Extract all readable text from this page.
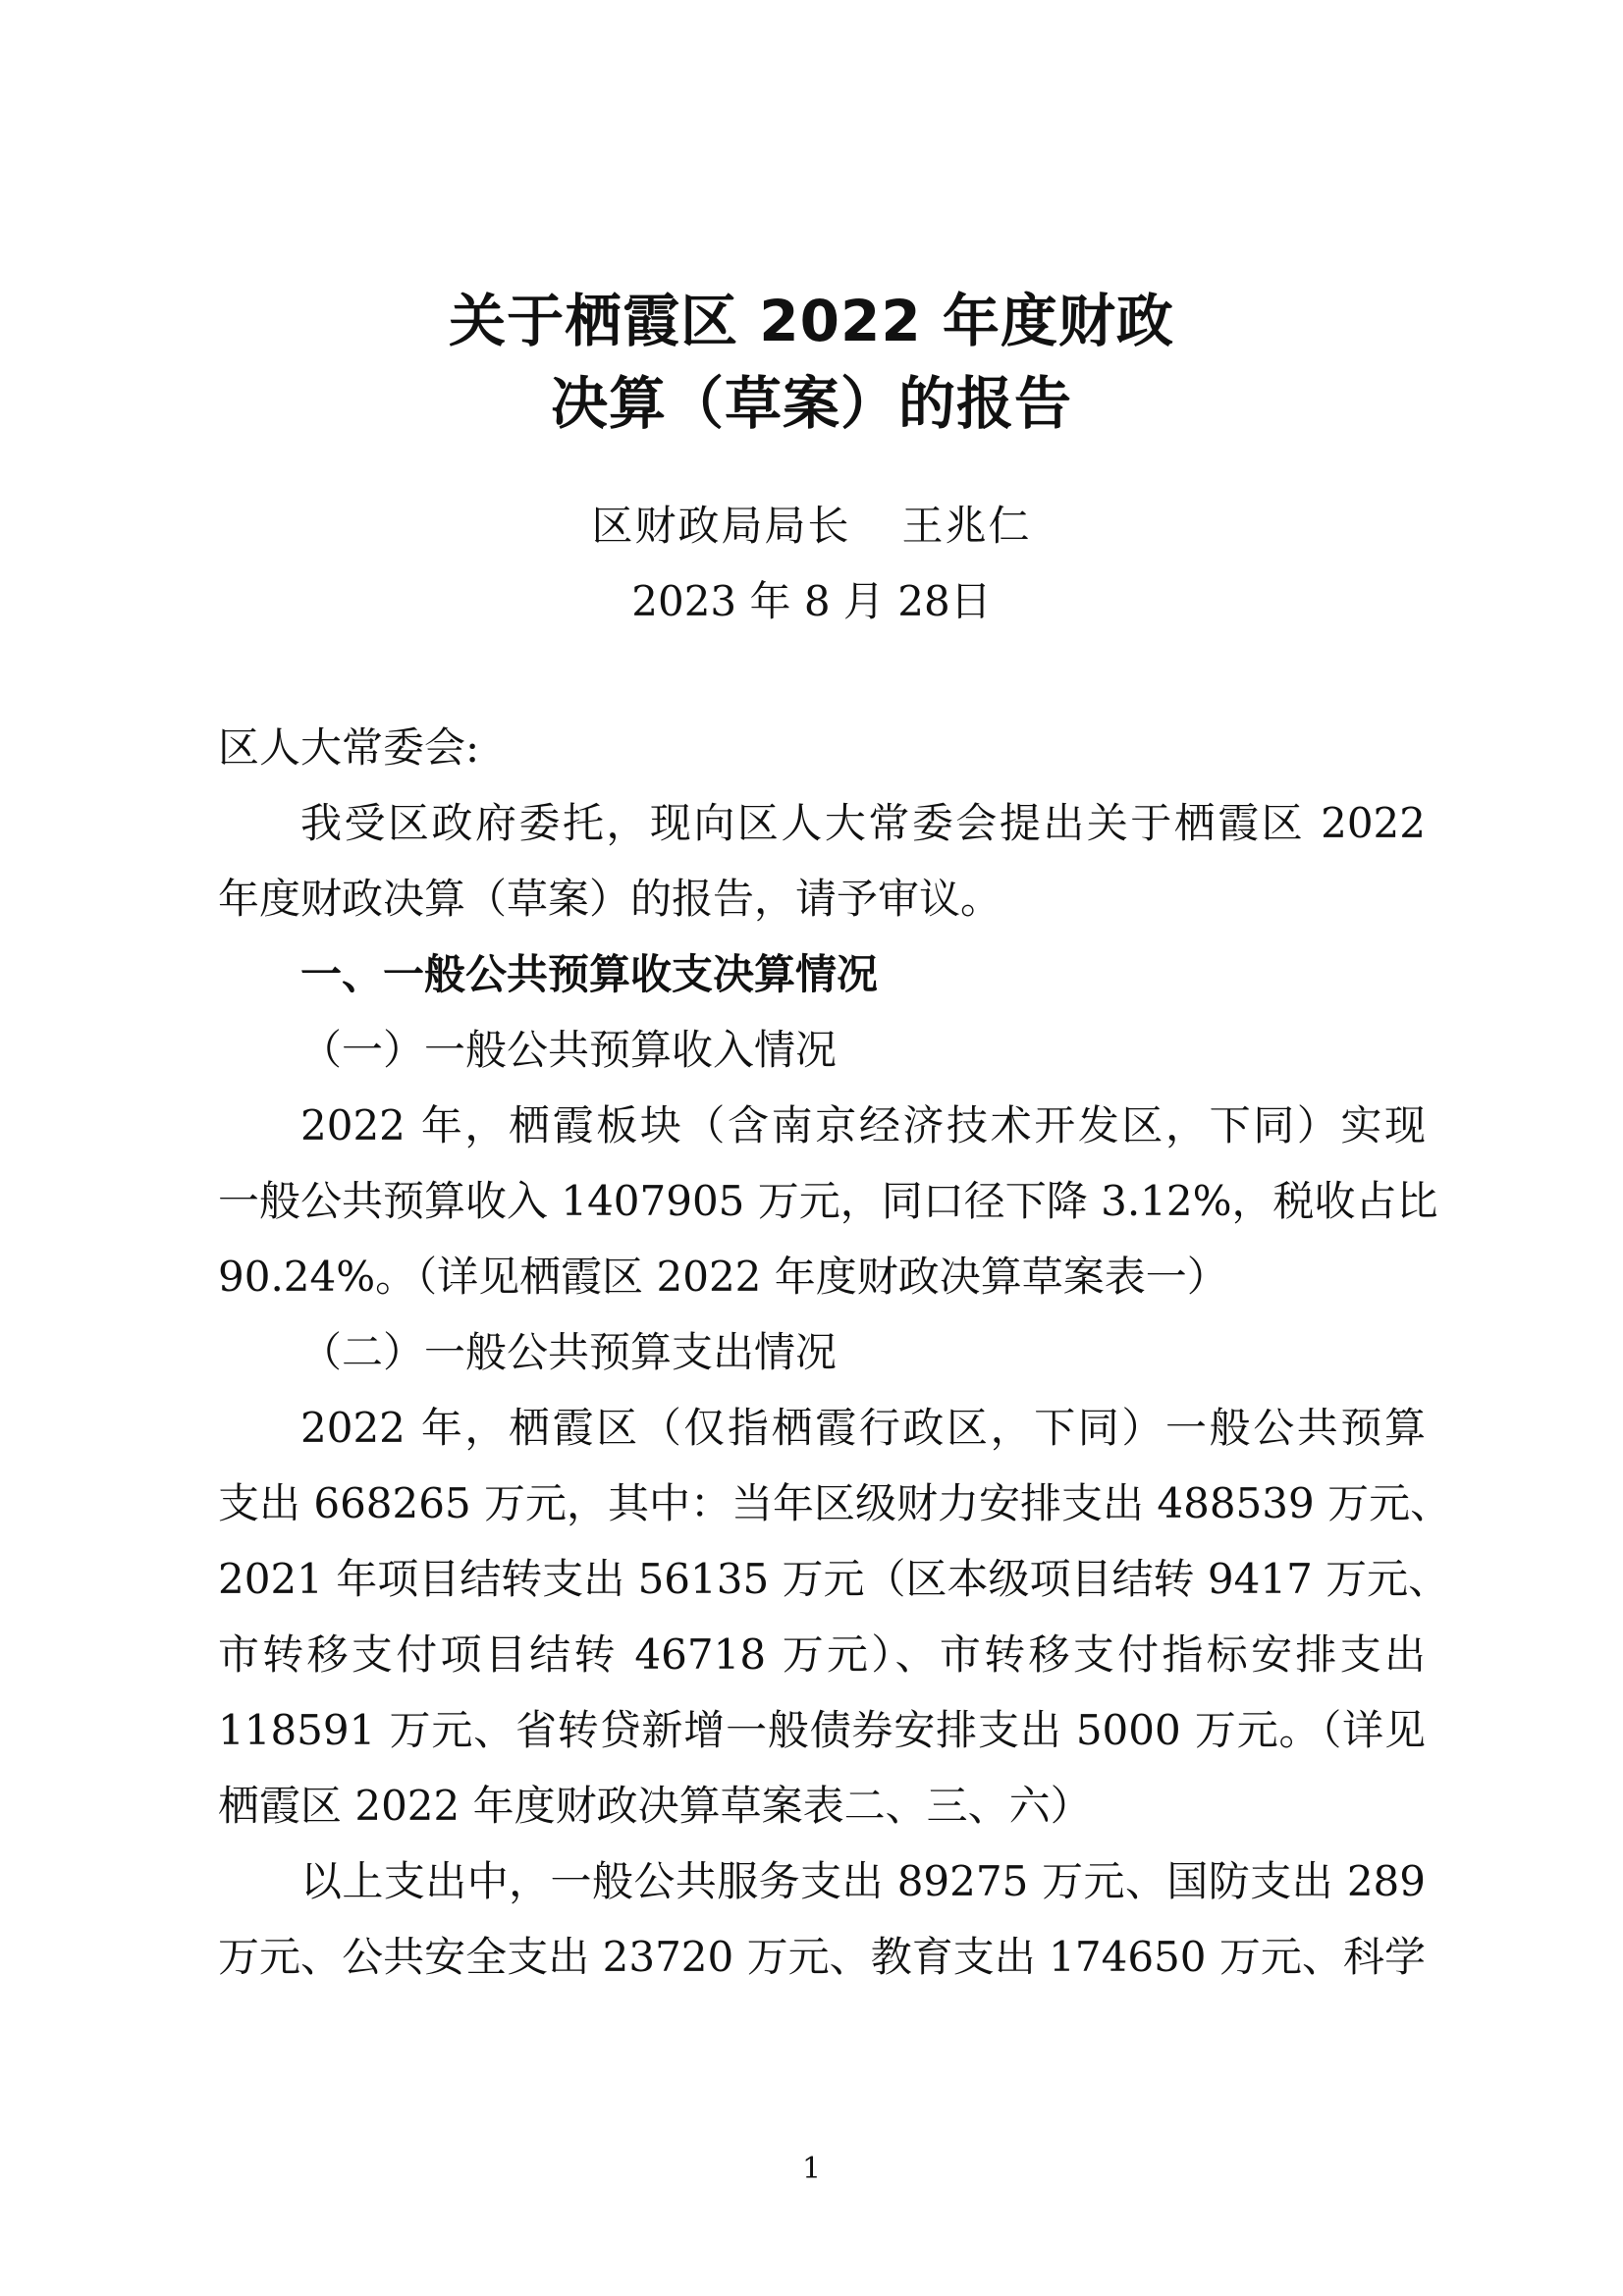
关于栖霞区 2022 年度财政
决算（草案）的报告
区财政局局长 王兆仁
2023 年 8 月 28日
区人大常委会:
我受区政府委托，现向区人大常委会提出关于栖霞区 2022
年度财政决算（草案）的报告，请予审议。
一、一般公共预算收支决算情况
（一）一般公共预算收入情况
2022 年，栖霞板块（含南京经济技术开发区，下同）实现
一般公共预算收入 1407905 万元，同口径下降 3.12%，税收占比
90.24%。（详见栖霞区 2022 年度财政决算草案表一）
（二）一般公共预算支出情况
2022 年，栖霞区（仅指栖霞行政区，下同）一般公共预算
支出 668265 万元，其中：当年区级财力安排支出 488539 万元、
2021 年项目结转支出 56135 万元（区本级项目结转 9417 万元、
市转移支付项目结转 46718 万元）、市转移支付指标安排支出
118591 万元、省转贷新增一般债券安排支出 5000 万元。（详见
栖霞区 2022 年度财政决算草案表二、三、六）
以上支出中，一般公共服务支出 89275 万元、国防支出 289
万元、公共安全支出 23720 万元、教育支出 174650 万元、科学
1
